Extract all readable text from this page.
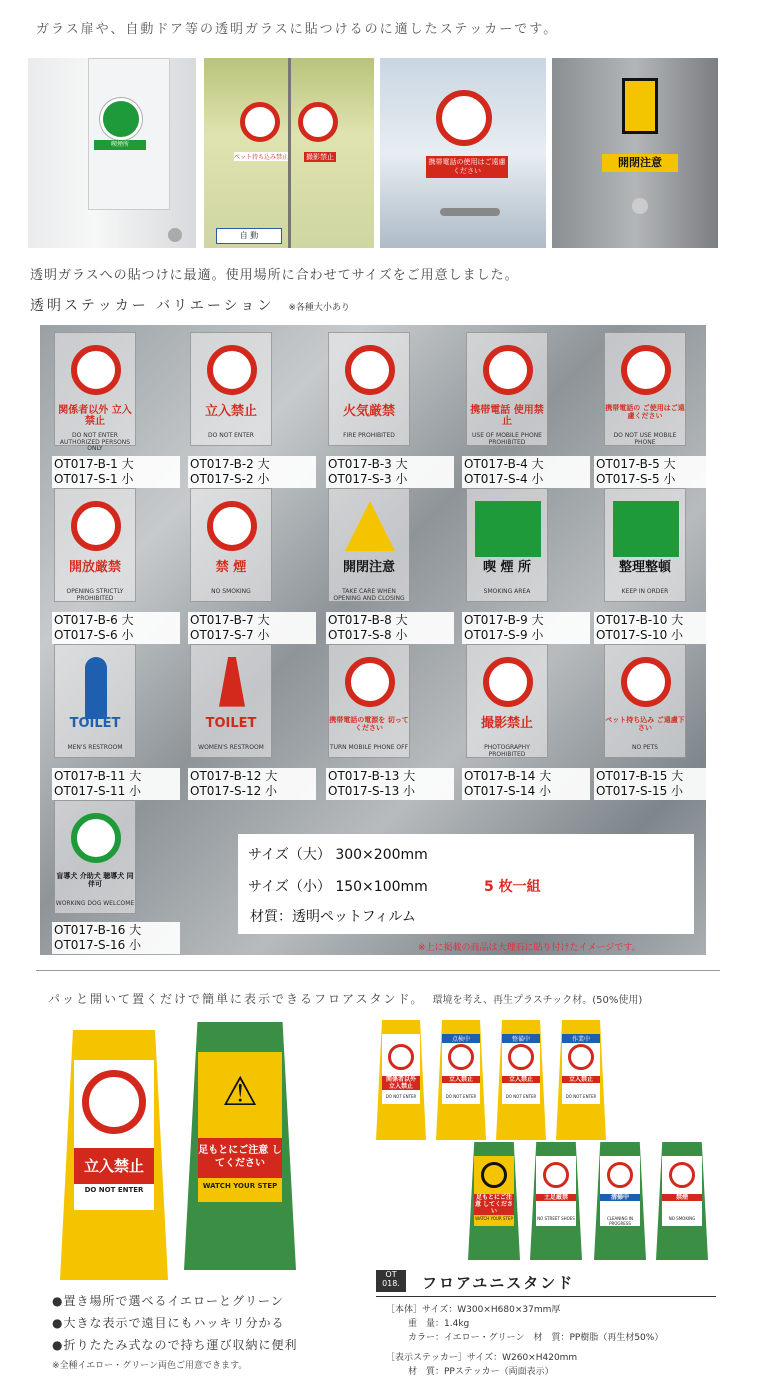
ガラス扉や、自動ドア等の透明ガラスに貼つけるのに適したステッカーです。
喫煙所
ペット持ち込み禁止	撮影禁止
自 動
携帯電話の使用はご遠慮ください
開閉注意
透明ガラスへの貼つけに最適。使用場所に合わせてサイズをご用意しました。
透明ステッカー バリエーション ※各種大小あり
関係者以外 立入禁止
DO NOT ENTER AUTHORIZED PERSONS ONLY
OT017-B-1 大
OT017-S-1 小
立入禁止
DO NOT ENTER
OT017-B-2 大
OT017-S-2 小
火気厳禁
FIRE PROHIBITED
OT017-B-3 大
OT017-S-3 小
携帯電話 使用禁止
USE OF MOBILE PHONE PROHIBITED
OT017-B-4 大
OT017-S-4 小
携帯電話の ご使用はご遠慮ください
DO NOT USE MOBILE PHONE
OT017-B-5 大
OT017-S-5 小
開放厳禁
OPENING STRICTLY PROHIBITED
OT017-B-6 大
OT017-S-6 小
禁 煙
NO SMOKING
OT017-B-7 大
OT017-S-7 小
開閉注意
TAKE CARE WHEN OPENING AND CLOSING
OT017-B-8 大
OT017-S-8 小
喫 煙 所
SMOKING AREA
OT017-B-9 大
OT017-S-9 小
整理整頓
KEEP IN ORDER
OT017-B-10 大
OT017-S-10 小
TOILET
MEN'S RESTROOM
OT017-B-11 大
OT017-S-11 小
TOILET
WOMEN'S RESTROOM
OT017-B-12 大
OT017-S-12 小
携帯電話の電源を 切ってください
TURN MOBILE PHONE OFF
OT017-B-13 大
OT017-S-13 小
撮影禁止
PHOTOGRAPHY PROHIBITED
OT017-B-14 大
OT017-S-14 小
ペット持ち込み ご遠慮下さい
NO PETS
OT017-B-15 大
OT017-S-15 小
盲導犬 介助犬 聴導犬 同伴可
WORKING DOG WELCOME
OT017-B-16 大
OT017-S-16 小
サイズ（大） 300×200mm
サイズ（小） 150×100mm	5 枚一組
材質：透明ペットフィルム
※上に掲載の商品は大理石に貼り付けたイメージです。
パッと開いて置くだけで簡単に表示できるフロアスタンド。 環境を考え、再生プラスチック材。(50%使用)
立入禁止
DO NOT ENTER
⚠
足もとにご注意 してください
WATCH YOUR STEP
関係者以外 立入禁止
DO NOT ENTER
点検中
立入禁止
DO NOT ENTER
整備中
立入禁止
DO NOT ENTER
作業中
立入禁止
DO NOT ENTER
足もとにご注意 してください
WATCH YOUR STEP
土足厳禁
NO STREET SHOES
清掃中
CLEANING IN PROGRESS
禁煙
NO SMOKING
●置き場所で選べるイエローとグリーン
●大きな表示で遠目にもハッキリ分かる
●折りたたみ式なので持ち運び収納に便利
※全種イエロー・グリーン両色ご用意できます。
OT 018.	フロアユニスタンド
［本体］サイズ：W300×H680×37mm厚
重　量：1.4kg
カラー：イエロー・グリーン　材　質：PP樹脂（再生材50%）
［表示ステッカー］サイズ：W260×H420mm
材　質：PPステッカー（両面表示）
